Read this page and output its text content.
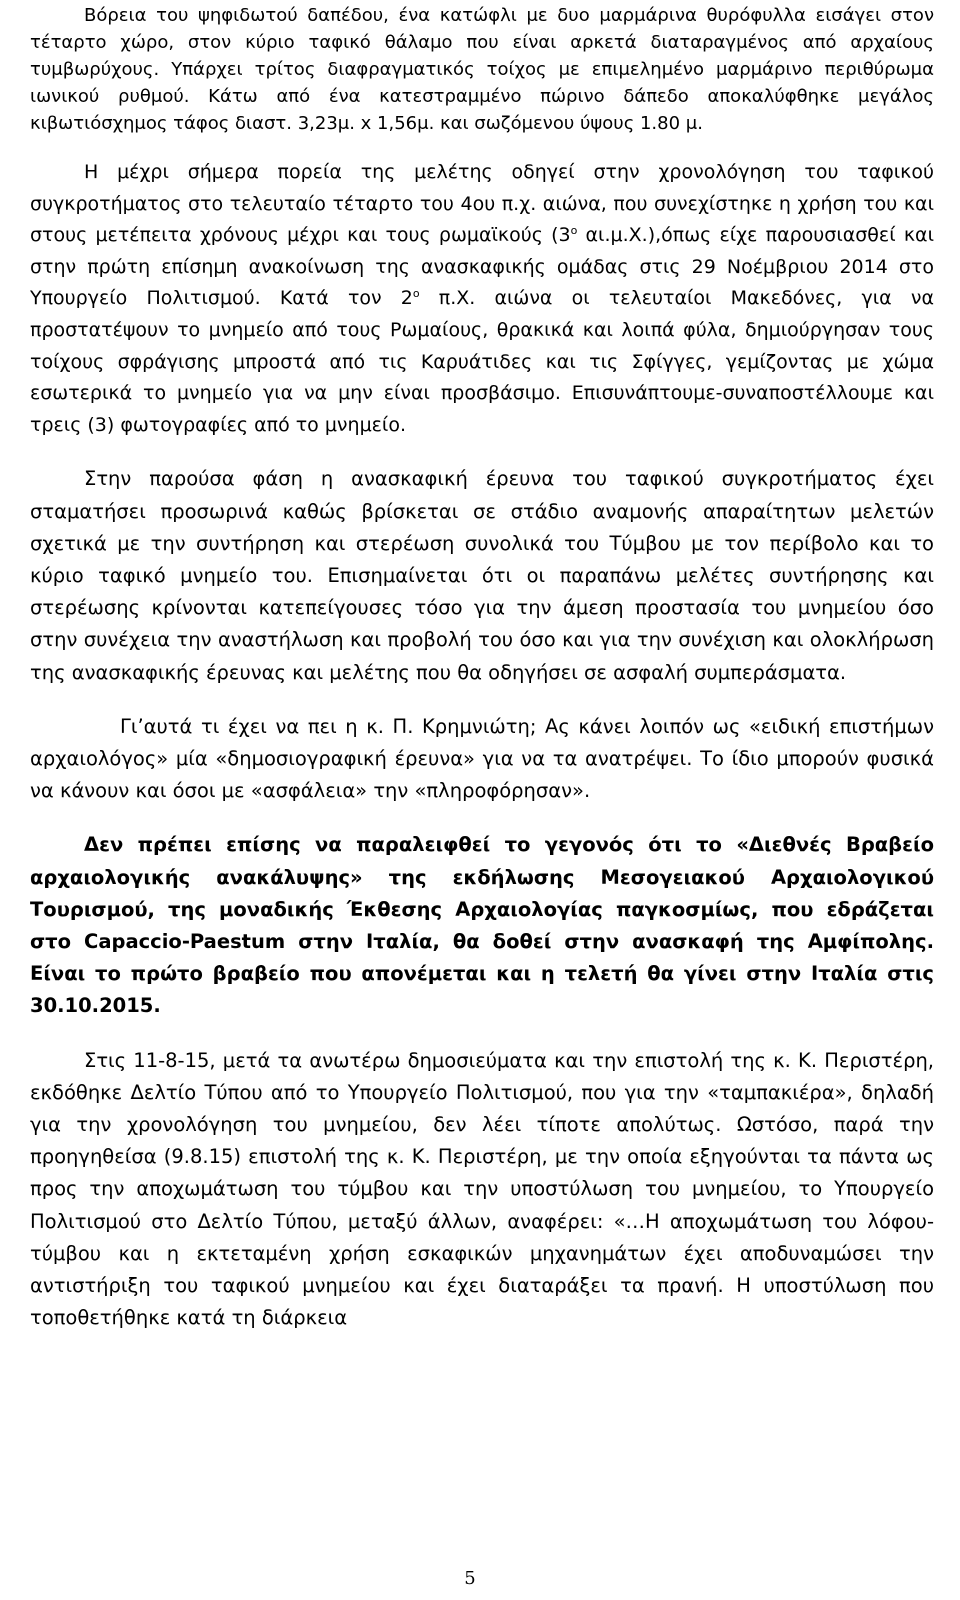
Βόρεια του ψηφιδωτού δαπέδου, ένα κατώφλι με δυο μαρμάρινα θυρόφυλλα εισάγει στον τέταρτο χώρο, στον κύριο ταφικό θάλαμο που είναι αρκετά διαταραγμένος από αρχαίους τυμβωρύχους. Υπάρχει τρίτος διαφραγματικός τοίχος με επιμελημένο μαρμάρινο περιθύρωμα ιωνικού ρυθμού. Κάτω από ένα κατεστραμμένο πώρινο δάπεδο αποκαλύφθηκε μεγάλος κιβωτιόσχημος τάφος διαστ. 3,23μ. x 1,56μ. και σωζόμενου ύψους 1.80 μ.

Η μέχρι σήμερα πορεία της μελέτης οδηγεί στην χρονολόγηση του ταφικού συγκροτήματος στο τελευταίο τέταρτο του 4ου π.χ. αιώνα, που συνεχίστηκε η χρήση του και στους μετέπειτα χρόνους μέχρι και τους ρωμαϊκούς ($3^o$ αι.μ.Χ.),όπως είχε παρουσιασθεί και στην πρώτη επίσημη ανακοίνωση της ανασκαφικής ομάδας στις 29 Νοέμβριου 2014 στο Υπουργείο Πολιτισμού. Κατά τον $2^o$ π.Χ. αιώνα οι τελευταίοι Μακεδόνες, για να προστατέψουν το μνημείο από τους Ρωμαίους, θρακικά και λοιπά φύλα, δημιούργησαν τους τοίχους σφράγισης μπροστά από τις Καρυάτιδες και τις Σφίγγες, γεμίζοντας με χώμα εσωτερικά το μνημείο για να μην είναι προσβάσιμο. Επισυνάπτουμε-συναποστέλλουμε και τρεις (3) φωτογραφίες από το μνημείο.

Στην παρούσα φάση η ανασκαφική έρευνα του ταφικού συγκροτήματος έχει σταματήσει προσωρινά καθώς βρίσκεται σε στάδιο αναμονής απαραίτητων μελετών σχετικά με την συντήρηση και στερέωση συνολικά του Τύμβου με τον περίβολο και το κύριο ταφικό μνημείο του. Επισημαίνεται ότι οι παραπάνω μελέτες συντήρησης και στερέωσης κρίνονται κατεπείγουσες τόσο για την άμεση προστασία του μνημείου όσο στην συνέχεια την αναστήλωση και προβολή του όσο και για την συνέχιση και ολοκλήρωση της ανασκαφικής έρευνας και μελέτης που θα οδηγήσει σε ασφαλή συμπεράσματα.

Γι’αυτά τι έχει να πει η κ. Π. Κρημνιώτη; Ας κάνει λοιπόν ως «ειδική επιστήμων αρχαιολόγος» μία «δημοσιογραφική έρευνα» για να τα ανατρέψει. Το ίδιο μπορούν φυσικά να κάνουν και όσοι με «ασφάλεια» την «πληροφόρησαν».

Δεν πρέπει επίσης να παραλειφθεί το γεγονός ότι το «Διεθνές Βραβείο αρχαιολογικής ανακάλυψης» της εκδήλωσης Μεσογειακού Αρχαιολογικού Τουρισμού, της μοναδικής Έκθεσης Αρχαιολογίας παγκοσμίως, που εδράζεται στο Capaccio-Paestum στην Ιταλία, θα δοθεί στην ανασκαφή της Αμφίπολης. Είναι το πρώτο βραβείο που απονέμεται και η τελετή θα γίνει στην Ιταλία στις 30.10.2015.

Στις 11-8-15, μετά τα ανωτέρω δημοσιεύματα και την επιστολή της κ. Κ. Περιστέρη, εκδόθηκε Δελτίο Τύπου από το Υπουργείο Πολιτισμού, που για την «ταμπακιέρα», δηλαδή για την χρονολόγηση του μνημείου, δεν λέει τίποτε απολύτως. Ωστόσο, παρά την προηγηθείσα (9.8.15) επιστολή της κ. Κ. Περιστέρη, με την οποία εξηγούνται τα πάντα ως προς την αποχωμάτωση του τύμβου και την υποστύλωση του μνημείου, το Υπουργείο Πολιτισμού στο Δελτίο Τύπου, μεταξύ άλλων, αναφέρει: «…Η αποχωμάτωση του λόφου-τύμβου και η εκτεταμένη χρήση εσκαφικών μηχανημάτων έχει αποδυναμώσει την αντιστήριξη του ταφικού μνημείου και έχει διαταράξει τα πρανή. Η υποστύλωση που τοποθετήθηκε κατά τη διάρκεια

5
